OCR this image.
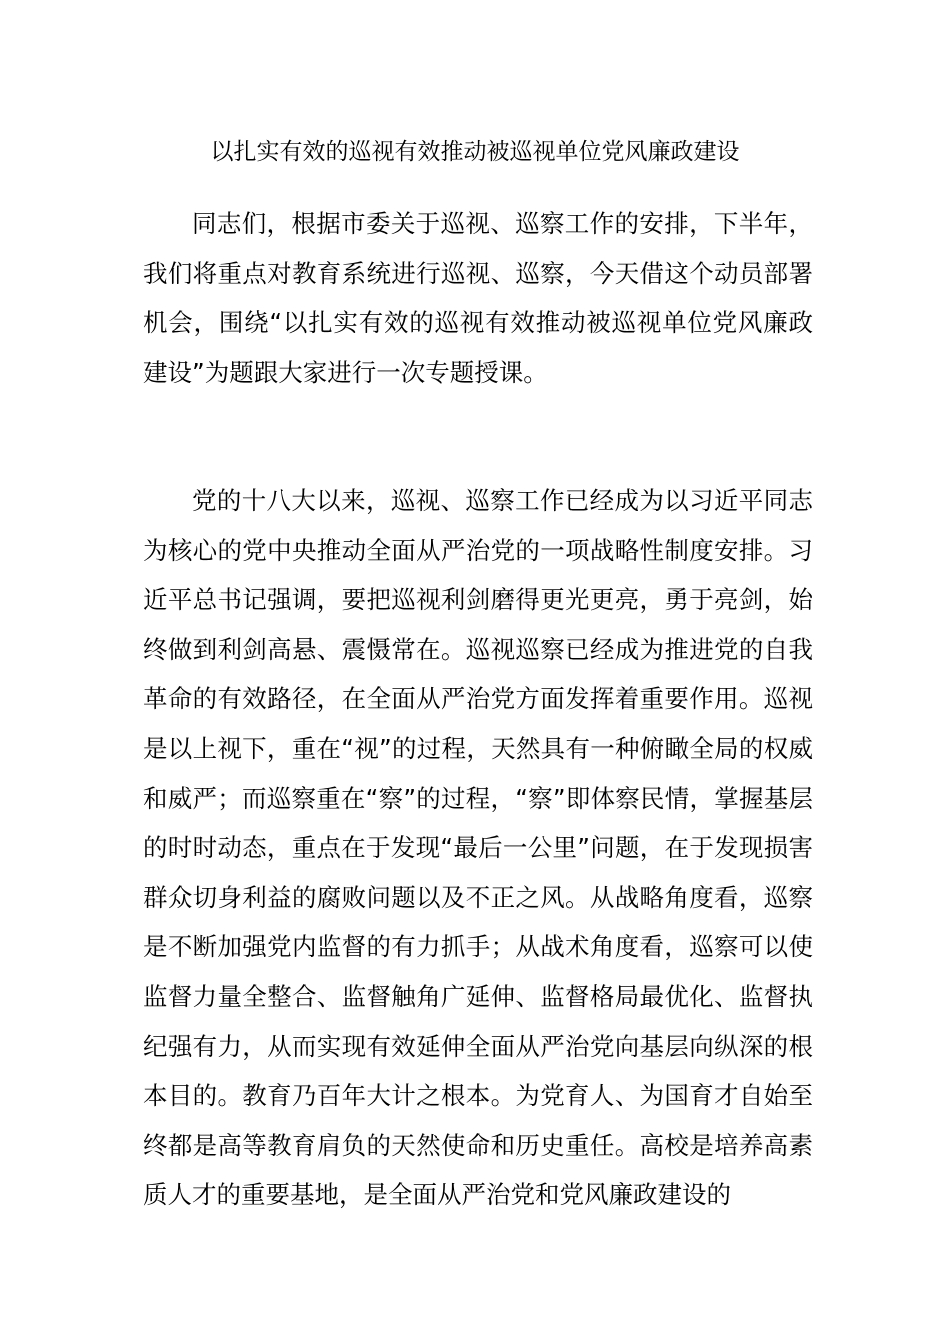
以扎实有效的巡视有效推动被巡视单位党风廉政建设

同志们，根据市委关于巡视、巡察工作的安排，下半年，我们将重点对教育系统进行巡视、巡察，今天借这个动员部署机会，围绕“以扎实有效的巡视有效推动被巡视单位党风廉政建设”为题跟大家进行一次专题授课。

党的十八大以来，巡视、巡察工作已经成为以习近平同志为核心的党中央推动全面从严治党的一项战略性制度安排。习近平总书记强调，要把巡视利剑磨得更光更亮，勇于亮剑，始终做到利剑高悬、震慑常在。巡视巡察已经成为推进党的自我革命的有效路径，在全面从严治党方面发挥着重要作用。巡视是以上视下，重在“视”的过程，天然具有一种俯瞰全局的权威和威严；而巡察重在“察”的过程，“察”即体察民情，掌握基层的时时动态，重点在于发现“最后一公里”问题，在于发现损害群众切身利益的腐败问题以及不正之风。从战略角度看，巡察是不断加强党内监督的有力抓手；从战术角度看，巡察可以使监督力量全整合、监督触角广延伸、监督格局最优化、监督执纪强有力，从而实现有效延伸全面从严治党向基层向纵深的根本目的。教育乃百年大计之根本。为党育人、为国育才自始至终都是高等教育肩负的天然使命和历史重任。高校是培养高素质人才的重要基地，是全面从严治党和党风廉政建设的
